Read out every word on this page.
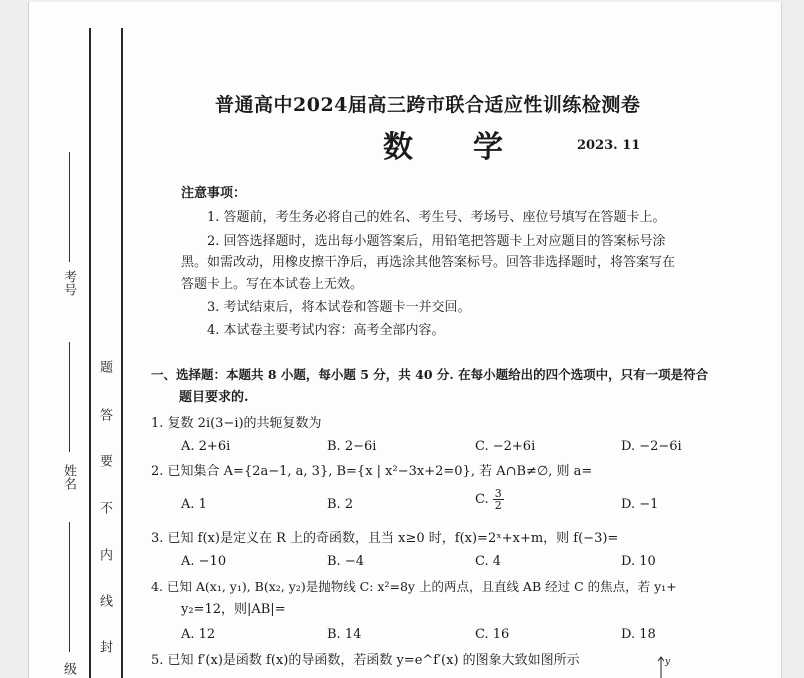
考号
姓名
级
题
答
要
不
内
线
封
普通高中2024届高三跨市联合适应性训练检测卷
数　　学	2023. 11
注意事项：
1. 答题前，考生务必将自己的姓名、考生号、考场号、座位号填写在答题卡上。
2. 回答选择题时，选出每小题答案后，用铅笔把答题卡上对应题目的答案标号涂
黑。如需改动，用橡皮擦干净后，再选涂其他答案标号。回答非选择题时，将答案写在
答题卡上。写在本试卷上无效。
3. 考试结束后，将本试卷和答题卡一并交回。
4. 本试卷主要考试内容：高考全部内容。
一、选择题：本题共 8 小题，每小题 5 分，共 40 分. 在每小题给出的四个选项中，只有一项是符合
题目要求的.
1. 复数 2i(3−i)的共轭复数为
A. 2+6i	B. 2−6i	C. −2+6i	D. −2−6i
2. 已知集合 A={2a−1, a, 3}, B={x | x²−3x+2=0}, 若 A∩B≠∅, 则 a=
A. 1	B. 2	C. $\frac{3}{2}$	D. −1
3. 已知 f(x)是定义在 R 上的奇函数，且当 x≥0 时，f(x)=2ˣ+x+m，则 f(−3)=
A. −10	B. −4	C. 4	D. 10
4. 已知 A(x₁, y₁), B(x₂, y₂)是抛物线 C: x²=8y 上的两点，且直线 AB 经过 C 的焦点，若 y₁+
y₂=12，则|AB|=
A. 12	B. 14	C. 16	D. 18
5. 已知 f′(x)是函数 f(x)的导函数，若函数 y=e^f′(x) 的图象大致如图所示	y
